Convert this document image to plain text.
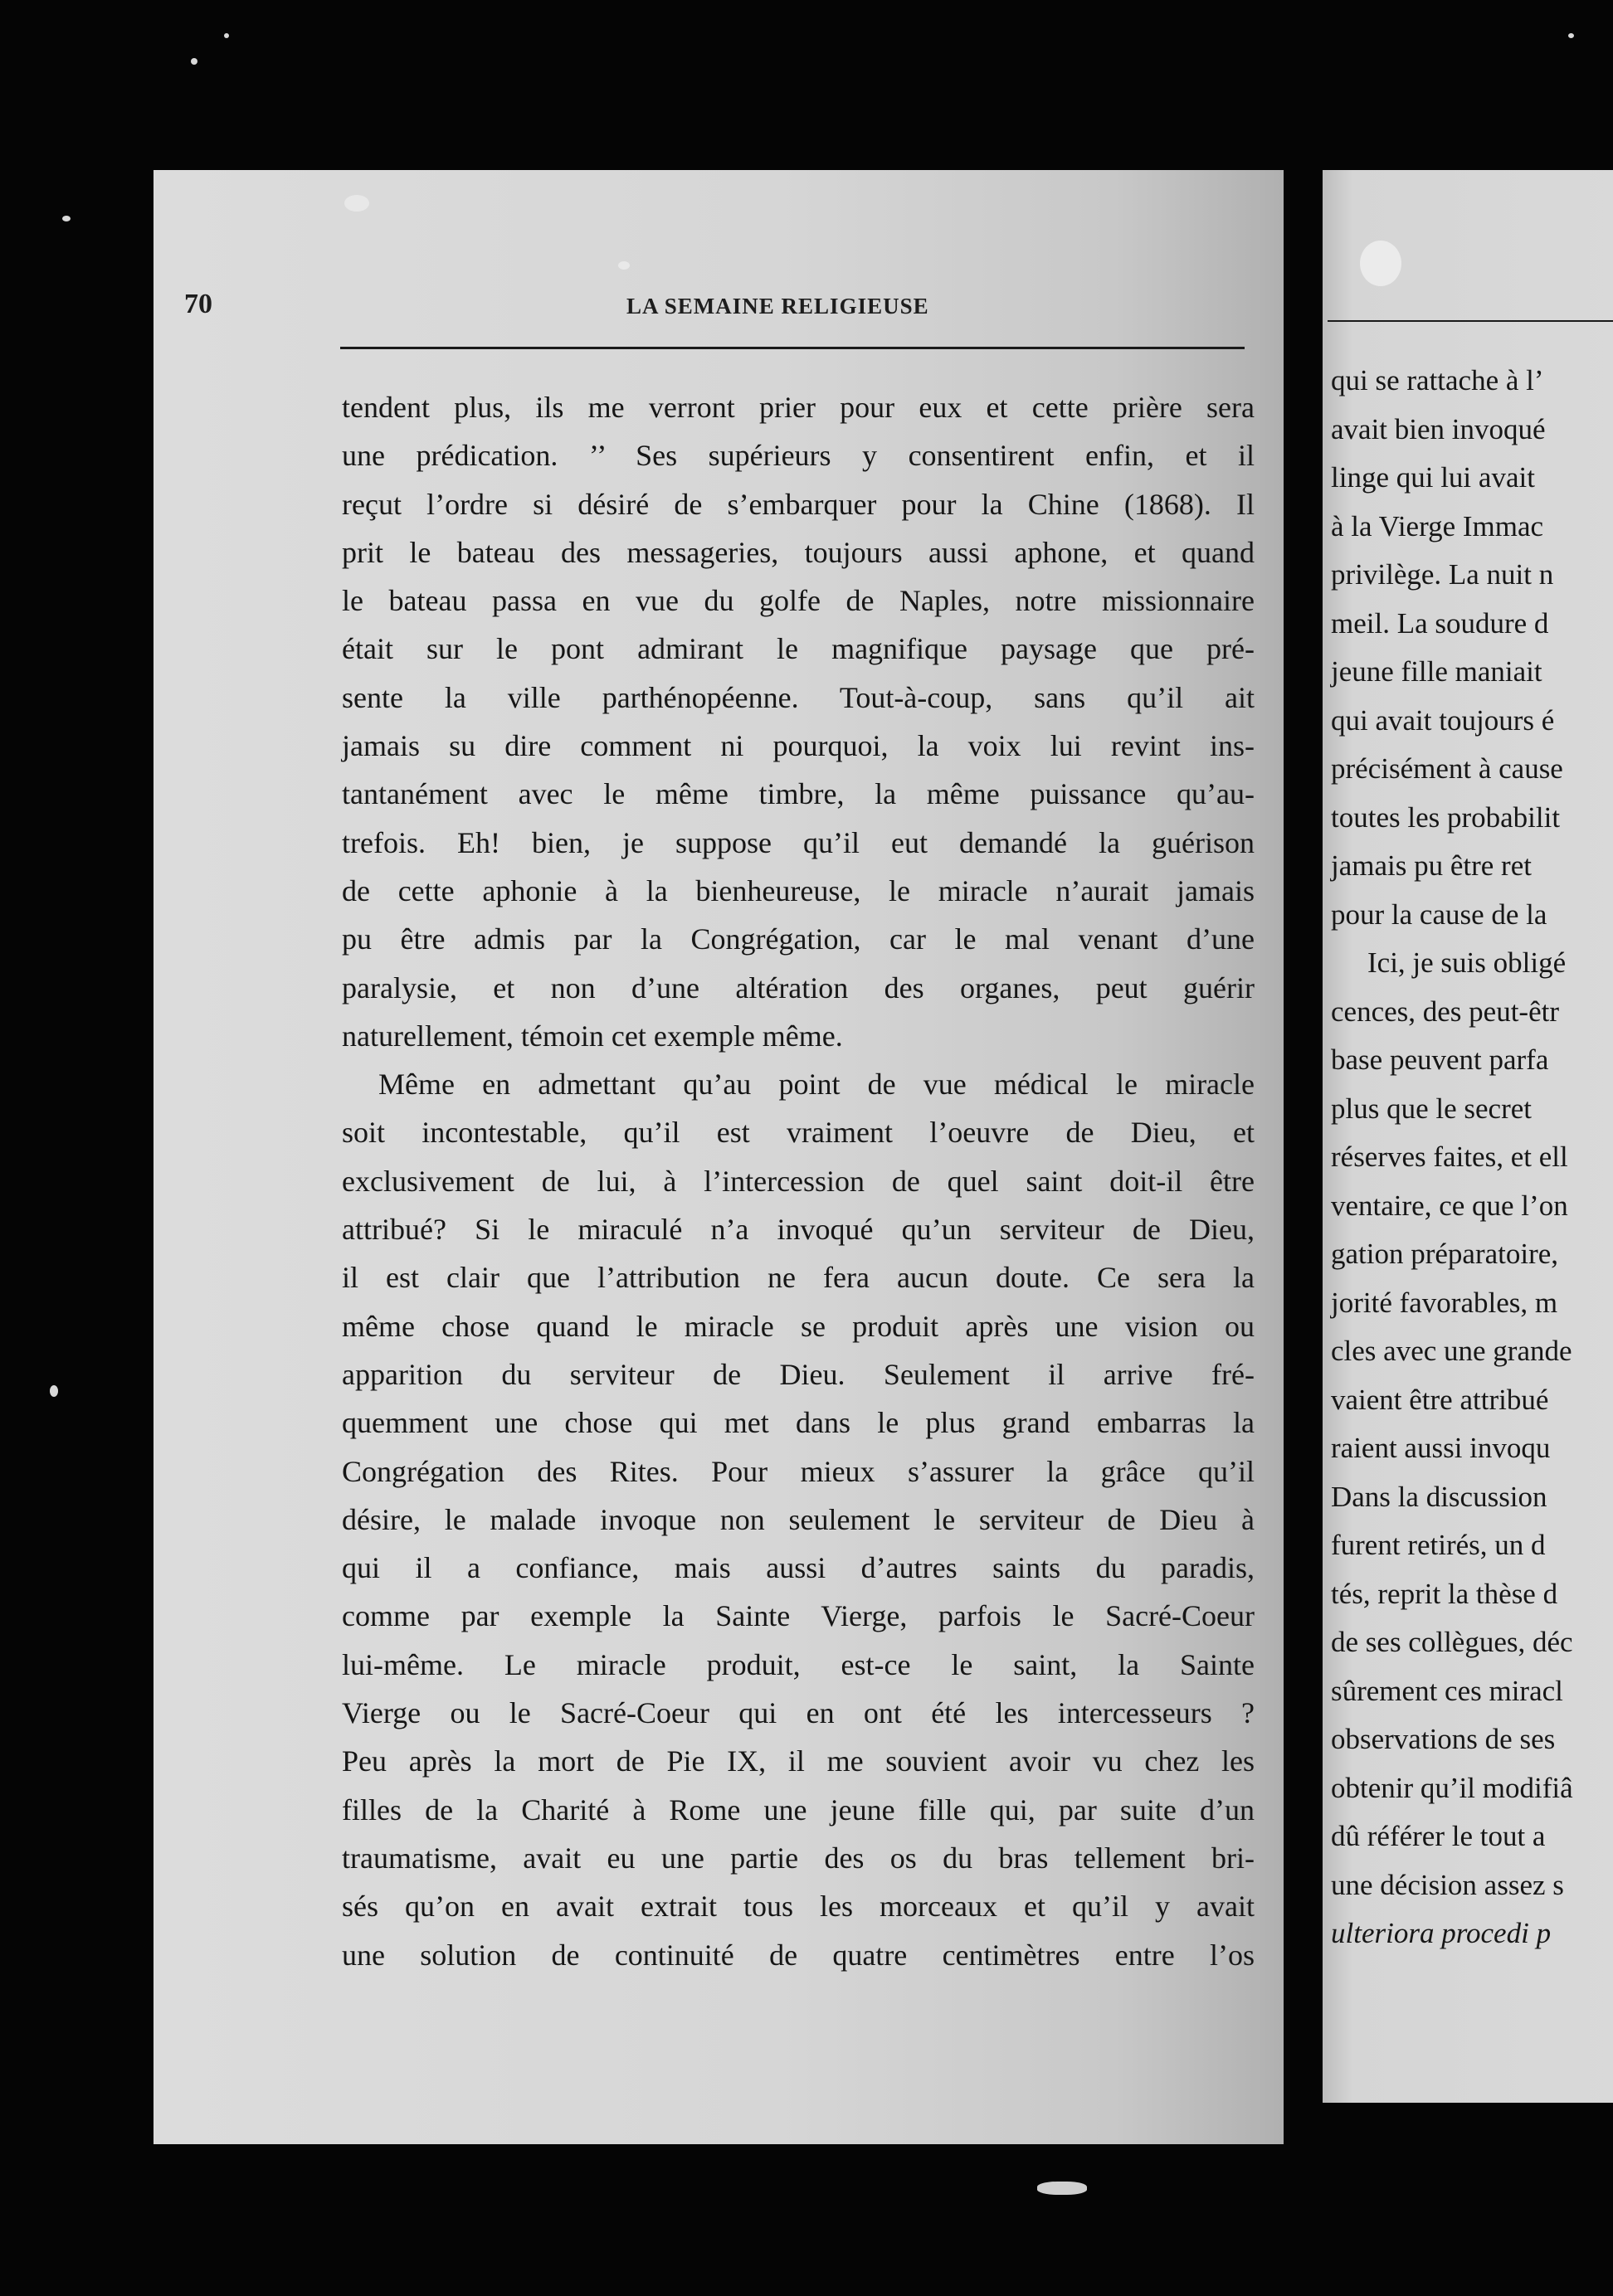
70	LA SEMAINE RELIGIEUSE
tendent plus, ils me verront prier pour eux et cette prière sera
une prédication. ’’ Ses supérieurs y consentirent enfin, et il
reçut l’ordre si désiré de s’embarquer pour la Chine (1868). Il
prit le bateau des messageries, toujours aussi aphone, et quand
le bateau passa en vue du golfe de Naples, notre missionnaire
était sur le pont admirant le magnifique paysage que pré-
sente la ville parthénopéenne. Tout-à-coup, sans qu’il ait
jamais su dire comment ni pourquoi, la voix lui revint ins-
tantanément avec le même timbre, la même puissance qu’au-
trefois. Eh! bien, je suppose qu’il eut demandé la guérison
de cette aphonie à la bienheureuse, le miracle n’aurait jamais
pu être admis par la Congrégation, car le mal venant d’une
paralysie, et non d’une altération des organes, peut guérir
naturellement, témoin cet exemple même.
Même en admettant qu’au point de vue médical le miracle
soit incontestable, qu’il est vraiment l’oeuvre de Dieu, et
exclusivement de lui, à l’intercession de quel saint doit-il être
attribué? Si le miraculé n’a invoqué qu’un serviteur de Dieu,
il est clair que l’attribution ne fera aucun doute. Ce sera la
même chose quand le miracle se produit après une vision ou
apparition du serviteur de Dieu. Seulement il arrive fré-
quemment une chose qui met dans le plus grand embarras la
Congrégation des Rites. Pour mieux s’assurer la grâce qu’il
désire, le malade invoque non seulement le serviteur de Dieu à
qui il a confiance, mais aussi d’autres saints du paradis,
comme par exemple la Sainte Vierge, parfois le Sacré-Coeur
lui-même. Le miracle produit, est-ce le saint, la Sainte
Vierge ou le Sacré-Coeur qui en ont été les intercesseurs ?
Peu après la mort de Pie IX, il me souvient avoir vu chez les
filles de la Charité à Rome une jeune fille qui, par suite d’un
traumatisme, avait eu une partie des os du bras tellement bri-
sés qu’on en avait extrait tous les morceaux et qu’il y avait
une solution de continuité de quatre centimètres entre l’os
qui se rattache à l’
avait bien invoqué
linge qui lui avait
à la Vierge Immac
privilège. La nuit n
meil. La soudure d
jeune fille maniait
qui avait toujours é
précisément à cause
toutes les probabilit
jamais pu être ret
pour la cause de la
Ici, je suis obligé
cences, des peut-êtr
base peuvent parfa
plus que le secret
réserves faites, et ell
ventaire, ce que l’on
gation préparatoire,
jorité favorables, m
cles avec une grande
vaient être attribué
raient aussi invoqu
Dans la discussion
furent retirés, un d
tés, reprit la thèse d
de ses collègues, déc
sûrement ces miracl
observations de ses
obtenir qu’il modifiâ
dû référer le tout a
une décision assez s
ulteriora procedi p
